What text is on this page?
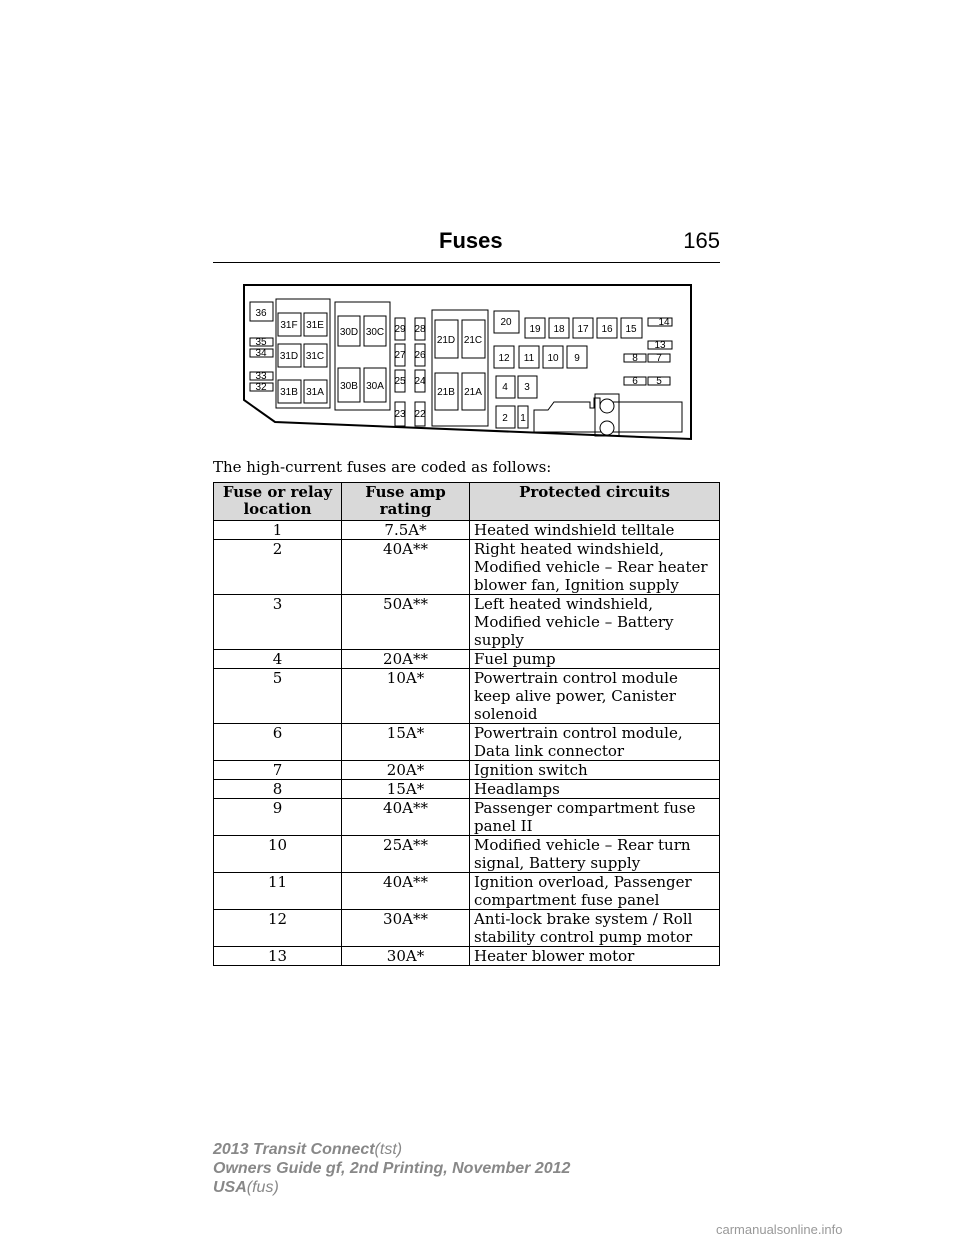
Fuses	165
36
35
34
33
32
31F 31E
31D 31C
31B 31A
30D 30C
30B 30A
29 28
27 26
25 24
23 22
21D 21C
21B 21A
20
19 18 17 16 15
14
13
12 11 10 9	8 7
6 5
4 3
2 1
The high-current fuses are coded as follows:
Fuse or relay location	Fuse amp rating	Protected circuits
1	7.5A*	Heated windshield telltale
2	40A**	Right heated windshield, Modified vehicle – Rear heater blower fan, Ignition supply
3	50A**	Left heated windshield, Modified vehicle – Battery supply
4	20A**	Fuel pump
5	10A*	Powertrain control module keep alive power, Canister solenoid
6	15A*	Powertrain control module, Data link connector
7	20A*	Ignition switch
8	15A*	Headlamps
9	40A**	Passenger compartment fuse panel II
10	25A**	Modified vehicle – Rear turn signal, Battery supply
11	40A**	Ignition overload, Passenger compartment fuse panel
12	30A**	Anti-lock brake system / Roll stability control pump motor
13	30A*	Heater blower motor
2013 Transit Connect(tst)
Owners Guide gf, 2nd Printing, November 2012
USA(fus)
carmanualsonline.info
